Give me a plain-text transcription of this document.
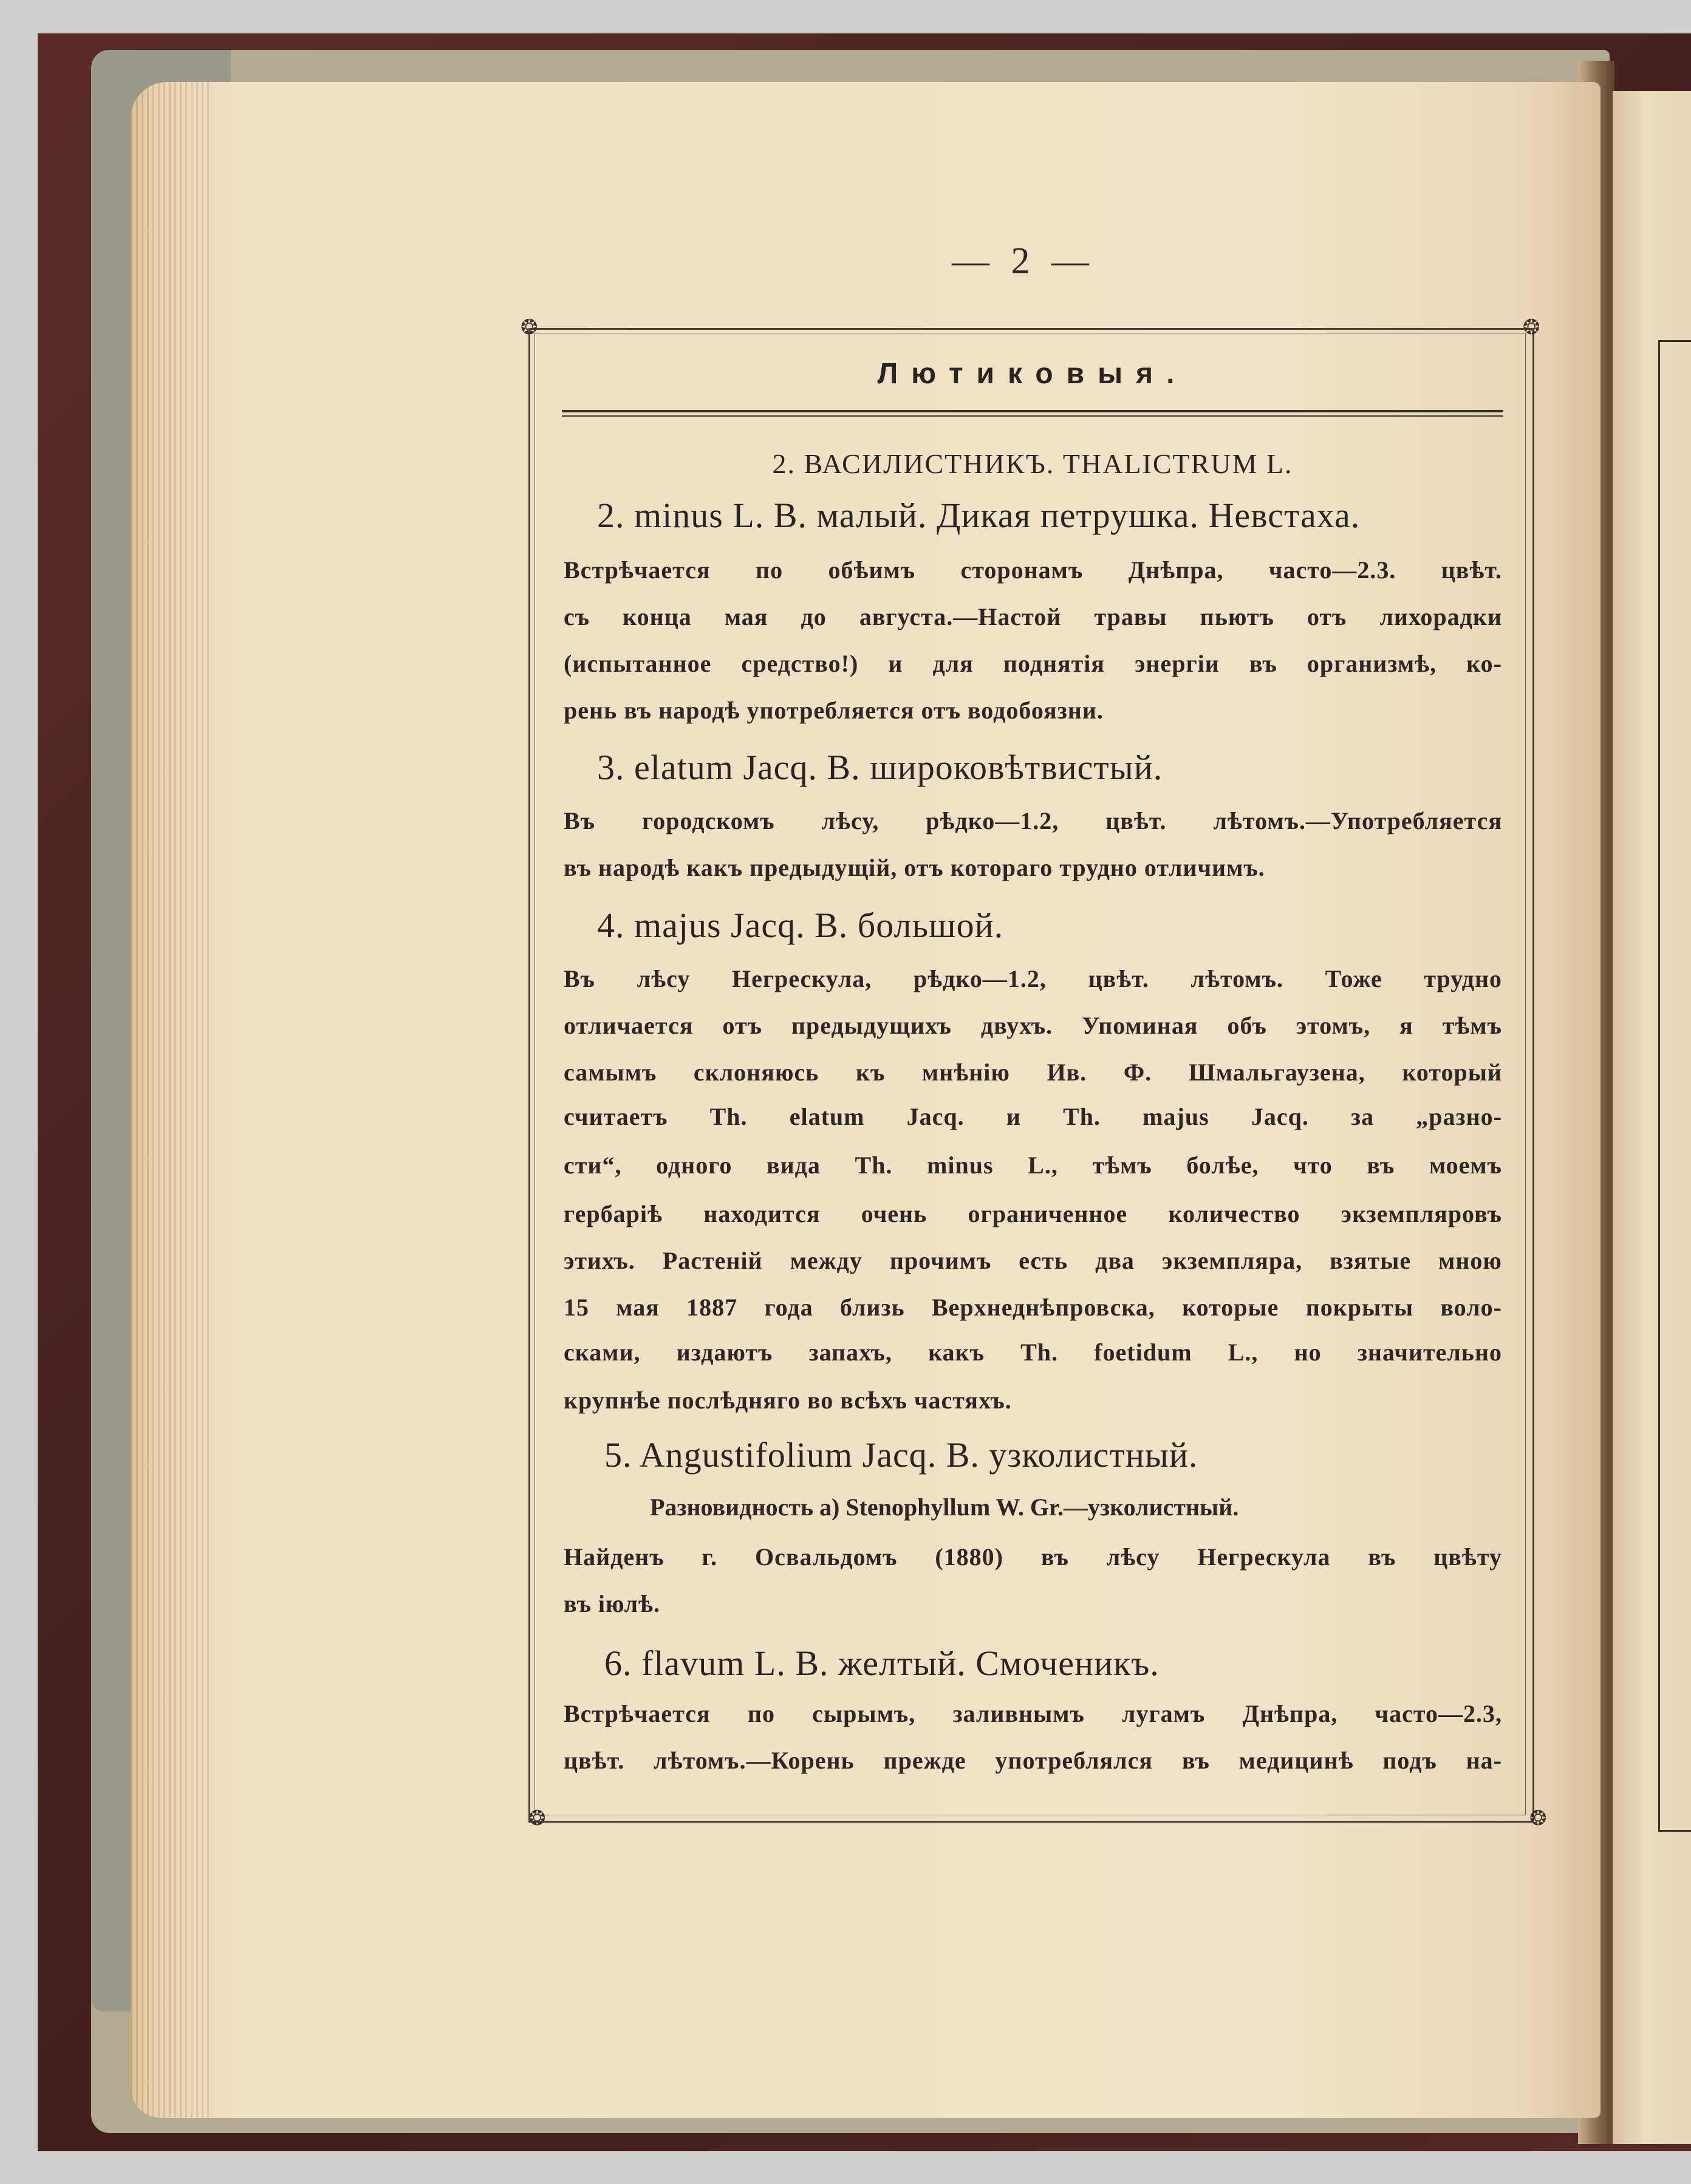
— 2 —
❂	❂
❂	❂
Лютиковыя.
2. ВАСИЛИСТНИКЪ. THALICTRUM L.
2. minus L. B. малый. Дикая петрушка. Невстаха.
Встрѣчается по обѣимъ сторонамъ Днѣпра, часто—2.3. цвѣт.
съ конца мая до августа.—Настой травы пьютъ отъ лихорадки
(испытанное средство!) и для поднятія энергіи въ организмѣ, ко-
рень въ народѣ употребляется отъ водобоязни.
3. elatum Jacq. B. широковѣтвистый.
Въ городскомъ лѣсу, рѣдко—1.2, цвѣт. лѣтомъ.—Употребляется
въ народѣ какъ предыдущій, отъ котораго трудно отличимъ.
4. majus Jacq. B. большой.
Въ лѣсу Негрескула, рѣдко—1.2, цвѣт. лѣтомъ. Тоже трудно
отличается отъ предыдущихъ двухъ. Упоминая объ этомъ, я тѣмъ
самымъ склоняюсь къ мнѣнію Ив. Ф. Шмальгаузена, который
считаетъ Th. elatum Jacq. и Th. majus Jacq. за „разно-
сти“, одного вида Th. minus L., тѣмъ болѣе, что въ моемъ
гербаріѣ находится очень ограниченное количество экземпляровъ
этихъ. Растеній между прочимъ есть два экземпляра, взятые мною
15 мая 1887 года близь Верхнеднѣпровска, которые покрыты воло-
сками, издаютъ запахъ, какъ Th. foetidum L., но значительно
крупнѣе послѣдняго во всѣхъ частяхъ.
5. Angustifolium Jacq. B. узколистный.
Разновидность a) Stenophyllum W. Gr.—узколистный.
Найденъ г. Освальдомъ (1880) въ лѣсу Негрескула въ цвѣту
въ іюлѣ.
6. flavum L. B. желтый. Смоченикъ.
Встрѣчается по сырымъ, заливнымъ лугамъ Днѣпра, часто—2.3,
цвѣт. лѣтомъ.—Корень прежде употреблялся въ медицинѣ подъ на-
